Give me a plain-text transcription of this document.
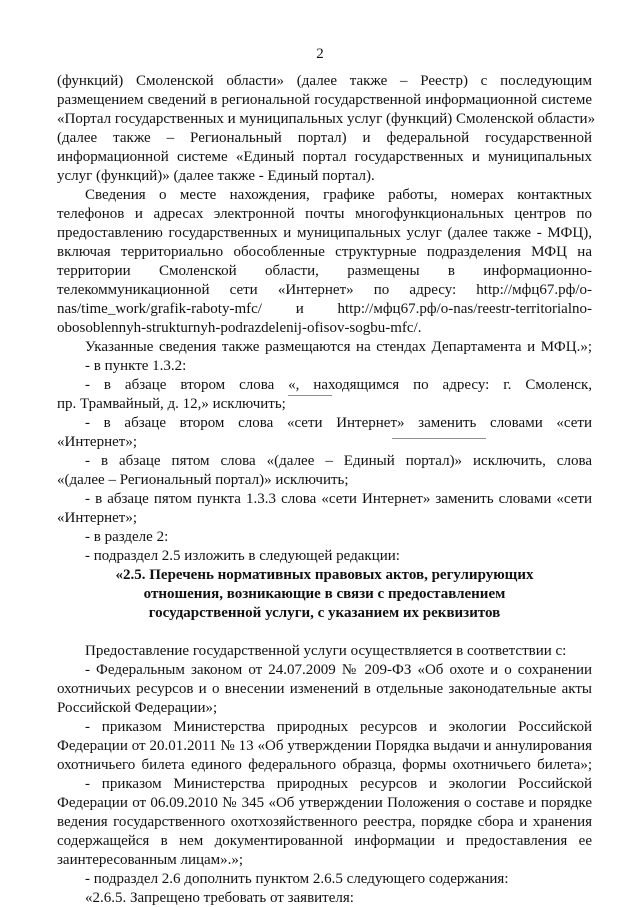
2
(функций) Смоленской области» (далее также – Реестр) с последующим
размещением сведений в региональной государственной информационной системе
«Портал государственных и муниципальных услуг (функций) Смоленской области»
(далее также – Региональный портал) и федеральной государственной
информационной системе «Единый портал государственных и муниципальных
услуг (функций)» (далее также - Единый портал).
Сведения о месте нахождения, графике работы, номерах контактных
телефонов и адресах электронной почты многофункциональных центров по
предоставлению государственных и муниципальных услуг (далее также - МФЦ),
включая территориально обособленные структурные подразделения МФЦ на
территории Смоленской области, размещены в информационно-
телекоммуникационной сети «Интернет» по адресу: http://мфц67.рф/о-
nas/time_work/grafik-raboty-mfc/ и http://мфц67.рф/о-nas/reestr-territorialno-
obosoblennyh-strukturnyh-podrazdelenij-ofisov-sogbu-mfc/.
Указанные сведения также размещаются на стендах Департамента и МФЦ.»;
- в пункте 1.3.2:
- в абзаце втором слова «, находящимся по адресу: г. Смоленск,
пр. Трамвайный, д. 12,» исключить;
- в абзаце втором слова «сети Интернет» заменить словами «сети
«Интернет»;
- в абзаце пятом слова «(далее – Единый портал)» исключить, слова
«(далее – Региональный портал)» исключить;
- в абзаце пятом пункта 1.3.3 слова «сети Интернет» заменить словами «сети
«Интернет»;
- в разделе 2:
- подраздел 2.5 изложить в следующей редакции:
«2.5. Перечень нормативных правовых актов, регулирующих
отношения, возникающие в связи с предоставлением
государственной услуги, с указанием их реквизитов
Предоставление государственной услуги осуществляется в соответствии с:
- Федеральным законом от 24.07.2009 № 209-ФЗ «Об охоте и о сохранении
охотничьих ресурсов и о внесении изменений в отдельные законодательные акты
Российской Федерации»;
- приказом Министерства природных ресурсов и экологии Российской
Федерации от 20.01.2011 № 13 «Об утверждении Порядка выдачи и аннулирования
охотничьего билета единого федерального образца, формы охотничьего билета»;
- приказом Министерства природных ресурсов и экологии Российской
Федерации от 06.09.2010 № 345 «Об утверждении Положения о составе и порядке
ведения государственного охотхозяйственного реестра, порядке сбора и хранения
содержащейся в нем документированной информации и предоставления ее
заинтересованным лицам».»;
- подраздел 2.6 дополнить пунктом 2.6.5 следующего содержания:
«2.6.5. Запрещено требовать от заявителя:
